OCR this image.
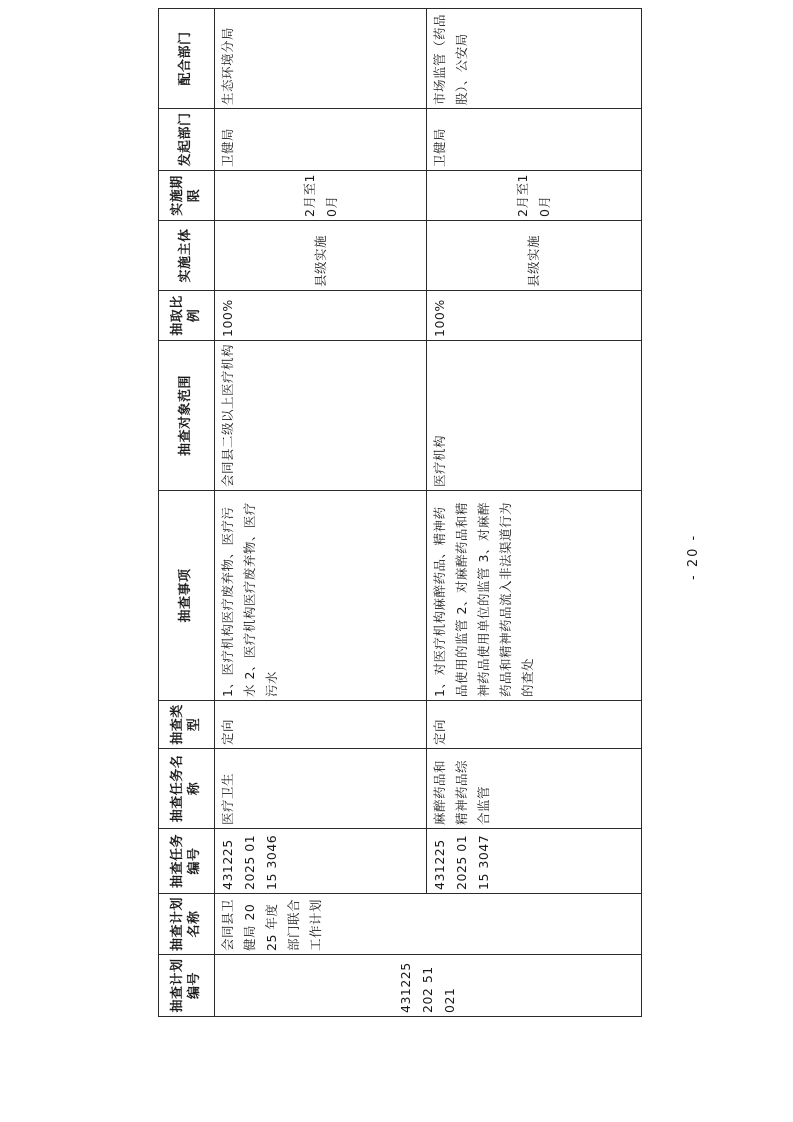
抽查计划编号	抽查计划名称	抽查任务编号	抽查任务名称	抽查类型	抽查事项	抽查对象范围	抽取比例	实施主体	实施期限	发起部门	配合部门

431225202 51021	会同县卫健局 2025 年度部门联合工作计划	4312252025 0115 3046	医疗卫生	定向	1、医疗机构医疗废弃物、医疗污水 2、医疗机构医疗废弃物、医疗污水	会同县二级以上医疗机构	100%	县级实施	2月至10月	卫健局	生态环境分局

		431225 2025 0115 3047	麻醉药品和精神药品综合监管	定向	1、对医疗机构麻醉药品、精神药品使用的监管 2、对麻醉药品和精神药品使用单位的监管 3、对麻醉药品和精神药品流入非法渠道行为的查处	医疗机构	100%	县级实施	2月至10月	卫健局	市场监管（药品股）、公安局
- 20 -
